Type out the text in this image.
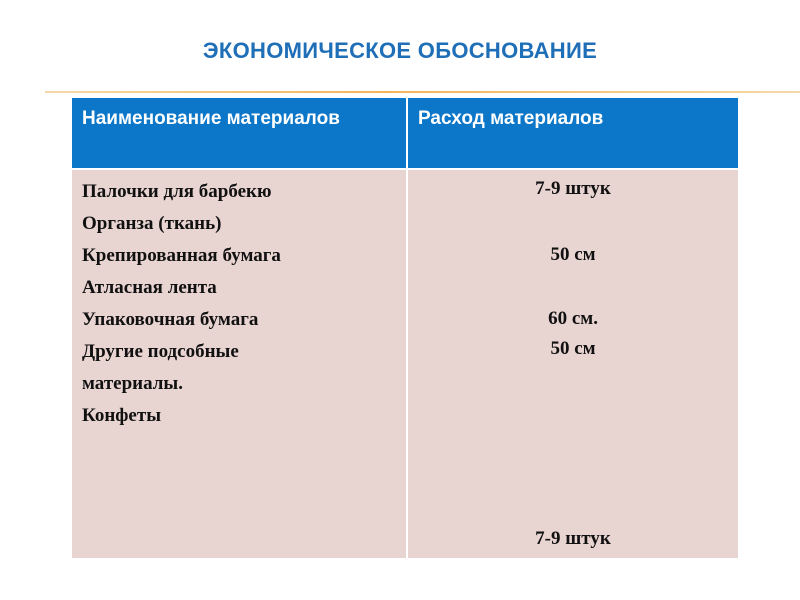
ЭКОНОМИЧЕСКОЕ ОБОСНОВАНИЕ
Наименование материалов	Расход материалов
Палочки для барбекю
Органза (ткань)
Крепированная бумага
Атласная лента
Упаковочная бумага
Другие подсобные
материалы.
Конфеты
7-9 штук
50 см
60 см.
50 см
7-9 штук
